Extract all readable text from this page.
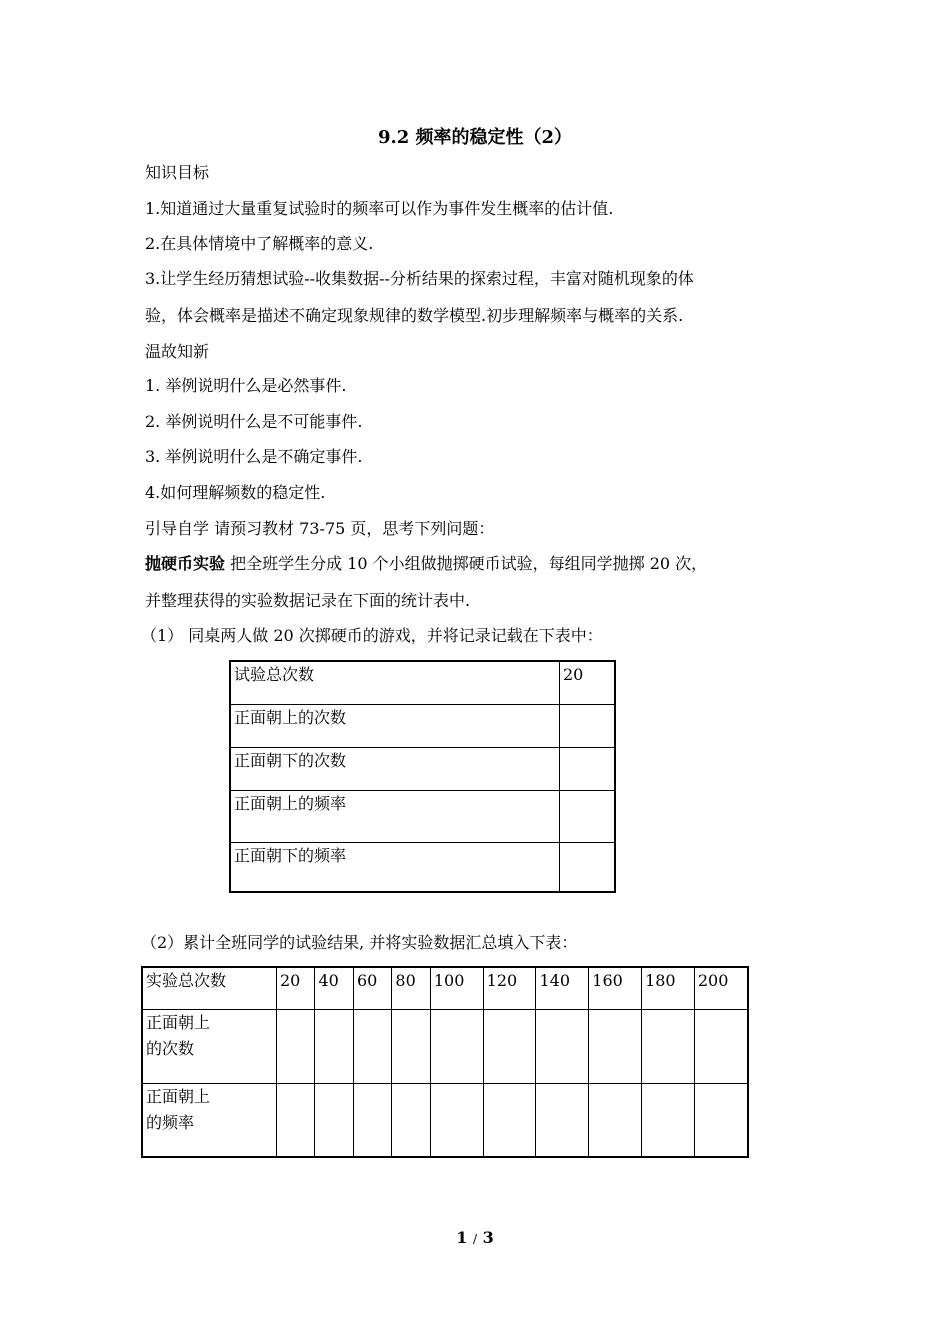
9.2 频率的稳定性（2）
知识目标
1.知道通过大量重复试验时的频率可以作为事件发生概率的估计值.
2.在具体情境中了解概率的意义.
3.让学生经历猜想试验--收集数据--分析结果的探索过程，丰富对随机现象的体
验，体会概率是描述不确定现象规律的数学模型.初步理解频率与概率的关系.
温故知新
1. 举例说明什么是必然事件.
2. 举例说明什么是不可能事件.
3. 举例说明什么是不确定事件.
4.如何理解频数的稳定性.
引导自学 请预习教材 73-75 页，思考下列问题：
抛硬币实验 把全班学生分成 10 个小组做抛掷硬币试验，每组同学抛掷 20 次，
并整理获得的实验数据记录在下面的统计表中.
（1） 同桌两人做 20 次掷硬币的游戏，并将记录记载在下表中：
试验总次数	20
正面朝上的次数	
正面朝下的次数	
正面朝上的频率	
正面朝下的频率	
（2）累计全班同学的试验结果, 并将实验数据汇总填入下表：
实验总次数	20	40	60	80	100	120	140	160	180	200
正面朝上
的次数										
正面朝上
的频率										
1 / 3
